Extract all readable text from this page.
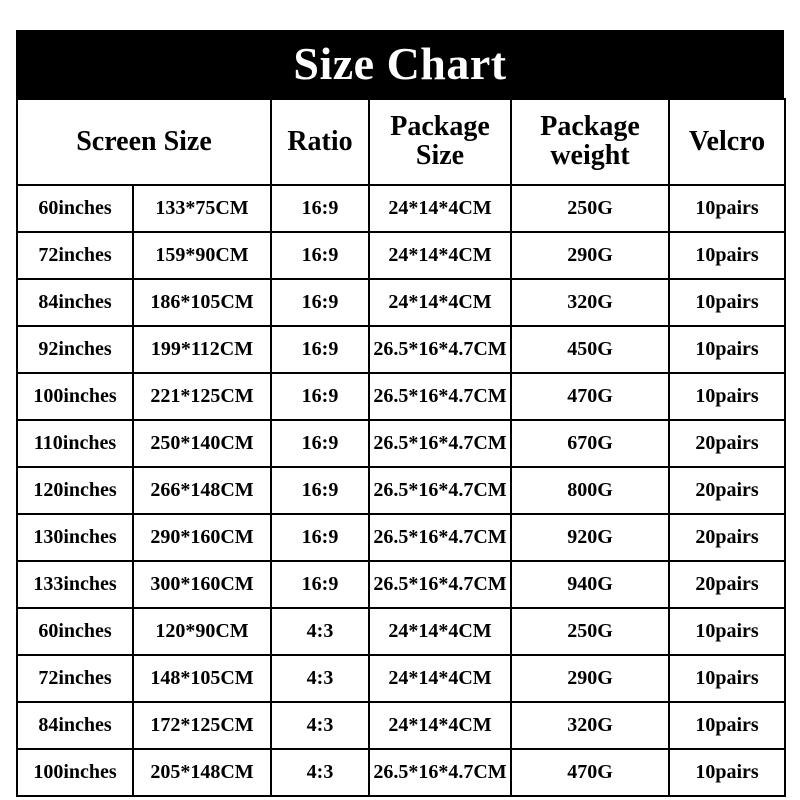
Size Chart
Screen Size		Ratio	Package Size	Package weight	Velcro
60inches	133*75CM	16:9	24*14*4CM	250G	10pairs
72inches	159*90CM	16:9	24*14*4CM	290G	10pairs
84inches	186*105CM	16:9	24*14*4CM	320G	10pairs
92inches	199*112CM	16:9	26.5*16*4.7CM	450G	10pairs
100inches	221*125CM	16:9	26.5*16*4.7CM	470G	10pairs
110inches	250*140CM	16:9	26.5*16*4.7CM	670G	20pairs
120inches	266*148CM	16:9	26.5*16*4.7CM	800G	20pairs
130inches	290*160CM	16:9	26.5*16*4.7CM	920G	20pairs
133inches	300*160CM	16:9	26.5*16*4.7CM	940G	20pairs
60inches	120*90CM	4:3	24*14*4CM	250G	10pairs
72inches	148*105CM	4:3	24*14*4CM	290G	10pairs
84inches	172*125CM	4:3	24*14*4CM	320G	10pairs
100inches	205*148CM	4:3	26.5*16*4.7CM	470G	10pairs
